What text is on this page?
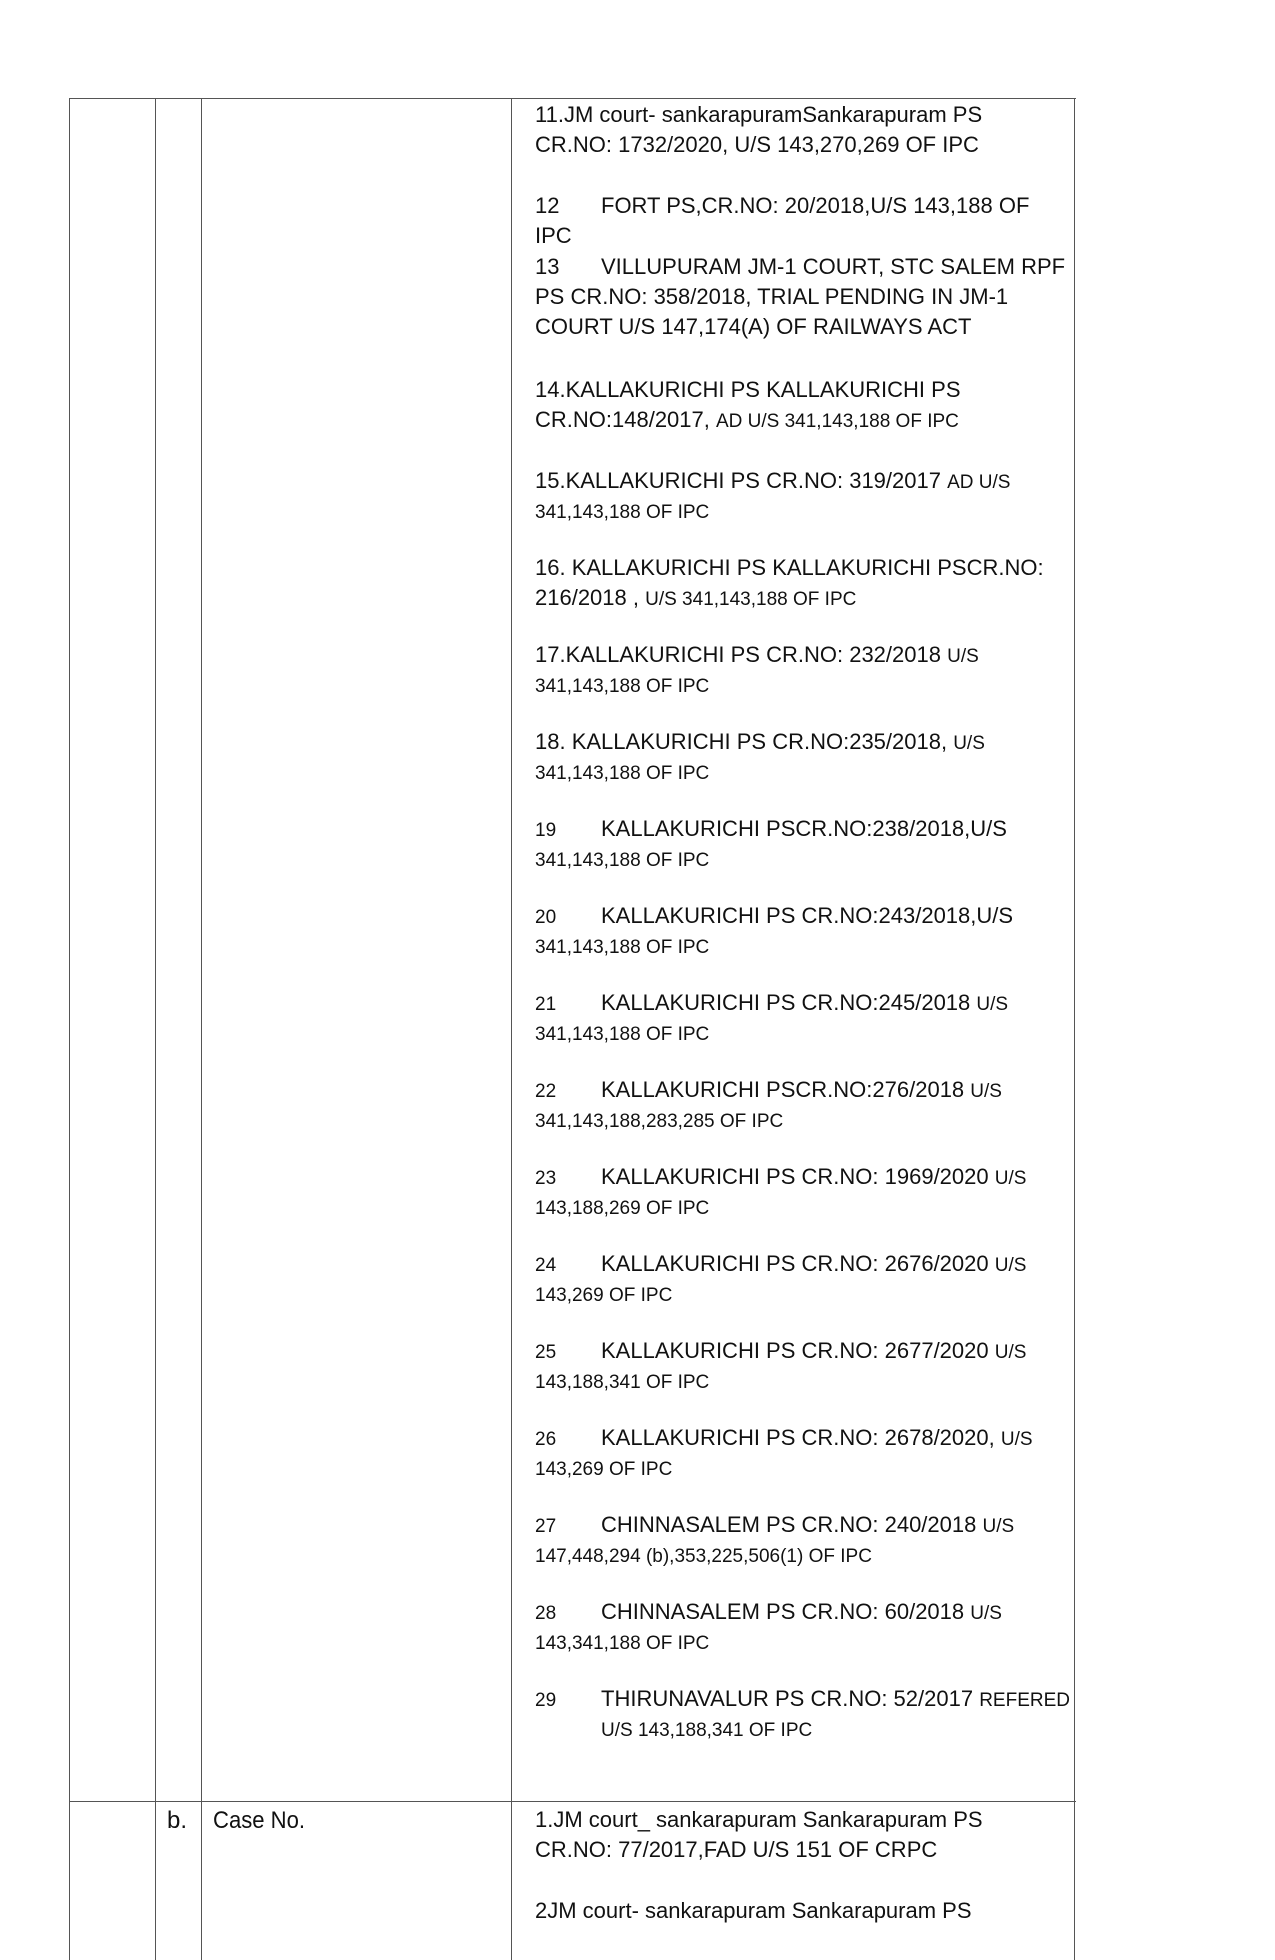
b. Case No.
11.JM court- sankarapuramSankarapuram PS
CR.NO: 1732/2020, U/S 143,270,269 OF IPC
12 FORT PS,CR.NO: 20/2018,U/S 143,188 OF IPC
13 VILLUPURAM JM-1 COURT, STC SALEM RPF
PS CR.NO: 358/2018, TRIAL PENDING IN JM-1
COURT U/S 147,174(A) OF RAILWAYS ACT
14.KALLAKURICHI PS KALLAKURICHI PS
CR.NO:148/2017, AD U/S 341,143,188 OF IPC
15.KALLAKURICHI PS CR.NO: 319/2017 AD U/S
341,143,188 OF IPC
16. KALLAKURICHI PS KALLAKURICHI PSCR.NO:
216/2018 , U/S 341,143,188 OF IPC
17.KALLAKURICHI PS CR.NO: 232/2018 U/S
341,143,188 OF IPC
18. KALLAKURICHI PS CR.NO:235/2018, U/S
341,143,188 OF IPC
19 KALLAKURICHI PSCR.NO:238/2018,U/S
341,143,188 OF IPC
20 KALLAKURICHI PS CR.NO:243/2018,U/S
341,143,188 OF IPC
21 KALLAKURICHI PS CR.NO:245/2018 U/S
341,143,188 OF IPC
22 KALLAKURICHI PSCR.NO:276/2018 U/S
341,143,188,283,285 OF IPC
23 KALLAKURICHI PS CR.NO: 1969/2020 U/S
143,188,269 OF IPC
24 KALLAKURICHI PS CR.NO: 2676/2020 U/S
143,269 OF IPC
25 KALLAKURICHI PS CR.NO: 2677/2020 U/S
143,188,341 OF IPC
26 KALLAKURICHI PS CR.NO: 2678/2020, U/S
143,269 OF IPC
27 CHINNASALEM PS CR.NO: 240/2018 U/S
147,448,294 (b),353,225,506(1) OF IPC
28 CHINNASALEM PS CR.NO: 60/2018 U/S
143,341,188 OF IPC
29 THIRUNAVALUR PS CR.NO: 52/2017 REFERED
U/S 143,188,341 OF IPC
1.JM court_ sankarapuram Sankarapuram PS
CR.NO: 77/2017,FAD U/S 151 OF CRPC
2JM court- sankarapuram Sankarapuram PS
